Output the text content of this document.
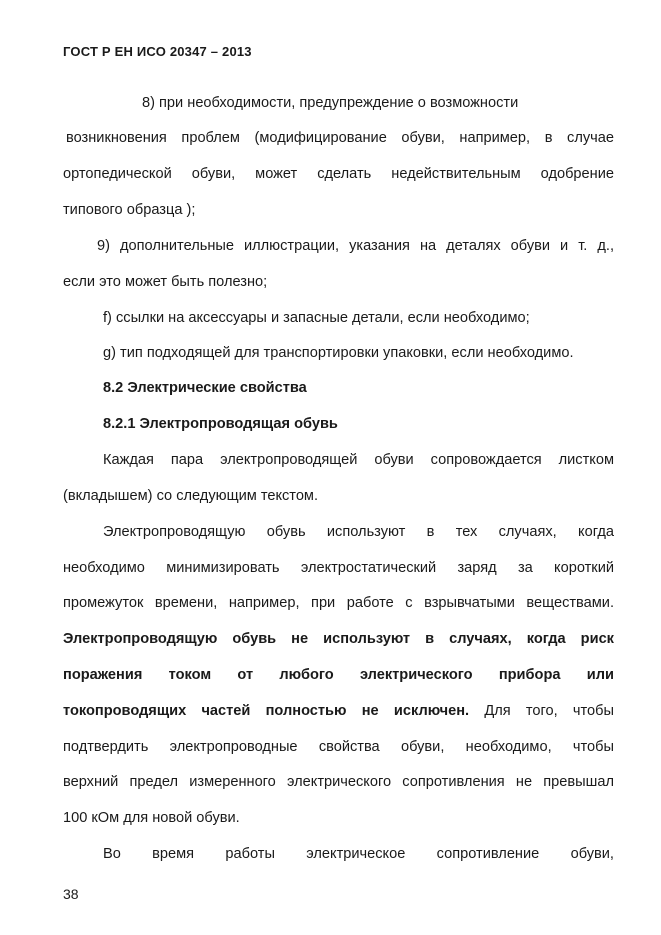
ГОСТ Р ЕН ИСО 20347 – 2013
8) при необходимости, предупреждение о возможности
возникновения проблем (модифицирование обуви, например, в случае
ортопедической обуви, может сделать недействительным одобрение
типового образца );
9) дополнительные иллюстрации, указания на деталях обуви и т. д.,
если это может быть полезно;
f) ссылки на аксессуары и запасные детали, если необходимо;
g) тип подходящей для транспортировки упаковки, если необходимо.
8.2 Электрические свойства
8.2.1 Электропроводящая обувь
Каждая пара электропроводящей обуви сопровождается листком
(вкладышем) со следующим текстом.
Электропроводящую обувь используют в тех случаях, когда
необходимо минимизировать электростатический заряд за короткий
промежуток времени, например, при работе с взрывчатыми веществами.
Электропроводящую обувь не используют в случаях, когда риск
поражения током от любого электрического прибора или
токопроводящих частей полностью не исключен. Для того, чтобы
подтвердить электропроводные свойства обуви, необходимо, чтобы
верхний предел измеренного электрического сопротивления не превышал
100 кОм для новой обуви.
Во время работы электрическое сопротивление обуви,
38
